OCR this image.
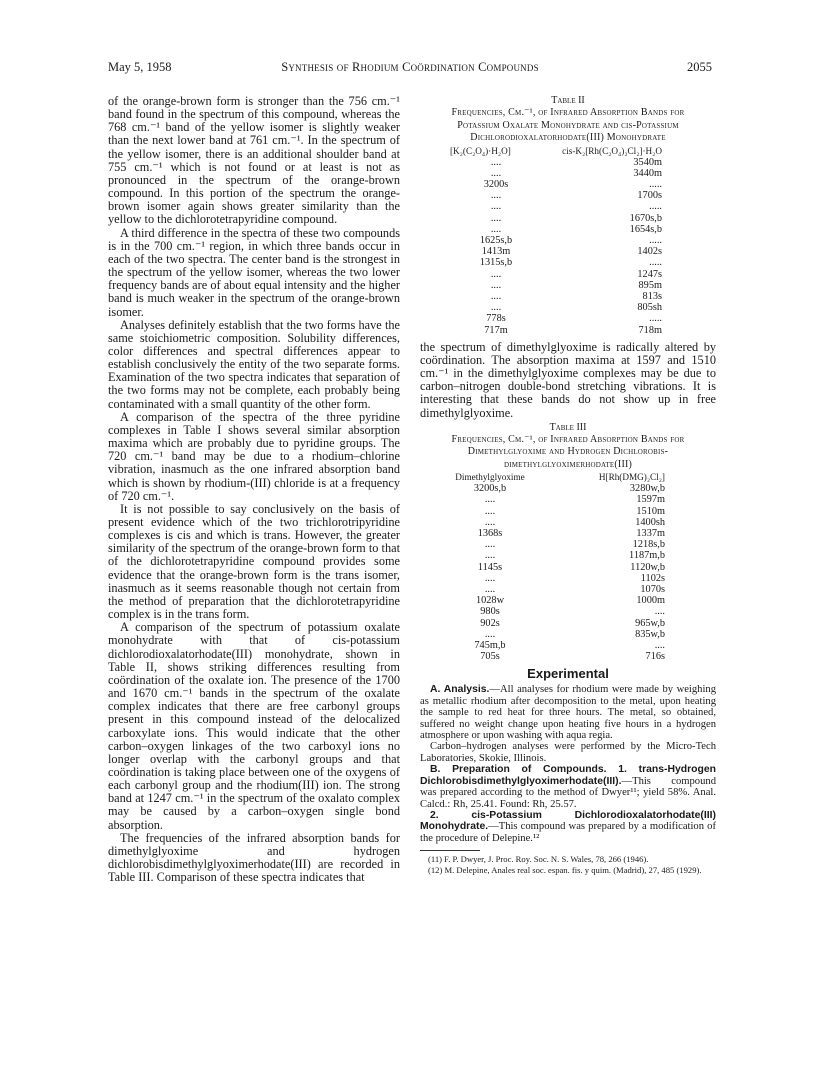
May 5, 1958	Synthesis of Rhodium Coördination Compounds	2055

of the orange-brown form is stronger than the 756 cm.⁻¹ band found in the spectrum of this compound, whereas the 768 cm.⁻¹ band of the yellow isomer is slightly weaker than the next lower band at 761 cm.⁻¹. In the spectrum of the yellow isomer, there is an additional shoulder band at 755 cm.⁻¹ which is not found or at least is not as pronounced in the spectrum of the orange-brown compound. In this portion of the spectrum the orange-brown isomer again shows greater similarity than the yellow to the dichlorotetrapyridine compound.

A third difference in the spectra of these two compounds is in the 700 cm.⁻¹ region, in which three bands occur in each of the two spectra. The center band is the strongest in the spectrum of the yellow isomer, whereas the two lower frequency bands are of about equal intensity and the higher band is much weaker in the spectrum of the orange-brown isomer.

Analyses definitely establish that the two forms have the same stoichiometric composition. Solubility differences, color differences and spectral differences appear to establish conclusively the entity of the two separate forms. Examination of the two spectra indicates that separation of the two forms may not be complete, each probably being contaminated with a small quantity of the other form.

A comparison of the spectra of the three pyridine complexes in Table I shows several similar absorption maxima which are probably due to pyridine groups. The 720 cm.⁻¹ band may be due to a rhodium–chlorine vibration, inasmuch as the one infrared absorption band which is shown by rhodium-(III) chloride is at a frequency of 720 cm.⁻¹.

It is not possible to say conclusively on the basis of present evidence which of the two trichlorotripyridine complexes is cis and which is trans. However, the greater similarity of the spectrum of the orange-brown form to that of the dichlorotetrapyridine compound provides some evidence that the orange-brown form is the trans isomer, inasmuch as it seems reasonable though not certain from the method of preparation that the dichlorotetrapyridine complex is in the trans form.

A comparison of the spectrum of potassium oxalate monohydrate with that of cis-potassium dichlorodioxalatorhodate(III) monohydrate, shown in Table II, shows striking differences resulting from coördination of the oxalate ion. The presence of the 1700 and 1670 cm.⁻¹ bands in the spectrum of the oxalate complex indicates that there are free carbonyl groups present in this compound instead of the delocalized carboxylate ions. This would indicate that the other carbon–oxygen linkages of the two carboxyl ions no longer overlap with the carbonyl groups and that coördination is taking place between one of the oxygens of each carbonyl group and the rhodium(III) ion. The strong band at 1247 cm.⁻¹ in the spectrum of the oxalato complex may be caused by a carbon–oxygen single bond absorption.

The frequencies of the infrared absorption bands for dimethylglyoxime and hydrogen dichlorobisdimethylglyoximerhodate(III) are recorded in Table III. Comparison of these spectra indicates that

Table II
Frequencies, Cm.⁻¹, of Infrared Absorption Bands for
Potassium Oxalate Monohydrate and cis-Potassium
Dichlorodioxalatorhodate(III) Monohydrate
[K₂(C₂O₄)·H₂O]	cis-K₂[Rh(C₂O₄)₂Cl₂]·H₂O
....	3540m
....	3440m
3200s	.....
....	1700s
....	.....
....	1670s,b
....	1654s,b
1625s,b	.....
1413m	1402s
1315s,b	.....
....	1247s
....	895m
....	813s
....	805sh
778s	.....
717m	718m

the spectrum of dimethylglyoxime is radically altered by coördination. The absorption maxima at 1597 and 1510 cm.⁻¹ in the dimethylglyoxime complexes may be due to carbon–nitrogen double-bond stretching vibrations. It is interesting that these bands do not show up in free dimethylglyoxime.

Table III
Frequencies, Cm.⁻¹, of Infrared Absorption Bands for
Dimethylglyoxime and Hydrogen Dichlorobis-
dimethylglyoximerhodate(III)
Dimethylglyoxime	H[Rh(DMG)₂Cl₂]
3200s,b	3280w,b
....	1597m
....	1510m
....	1400sh
1368s	1337m
....	1218s,b
....	1187m,b
1145s	1120w,b
....	1102s
....	1070s
1028w	1000m
980s	....
902s	965w,b
....	835w,b
745m,b	....
705s	716s
Experimental

A. Analysis.—All analyses for rhodium were made by weighing as metallic rhodium after decomposition to the metal, upon heating the sample to red heat for three hours. The metal, so obtained, suffered no weight change upon heating five hours in a hydrogen atmosphere or upon washing with aqua regia.

Carbon–hydrogen analyses were performed by the Micro-Tech Laboratories, Skokie, Illinois.

B. Preparation of Compounds. 1. trans-Hydrogen Dichlorobisdimethylglyoximerhodate(III).—This compound was prepared according to the method of Dwyer¹¹; yield 58%. Anal. Calcd.: Rh, 25.41. Found: Rh, 25.57.

2. cis-Potassium Dichlorodioxalatorhodate(III) Monohydrate.—This compound was prepared by a modification of the procedure of Delepine.¹²

(11) F. P. Dwyer, J. Proc. Roy. Soc. N. S. Wales, 78, 266 (1946).

(12) M. Delepine, Anales real soc. espan. fis. y quim. (Madrid), 27, 485 (1929).
